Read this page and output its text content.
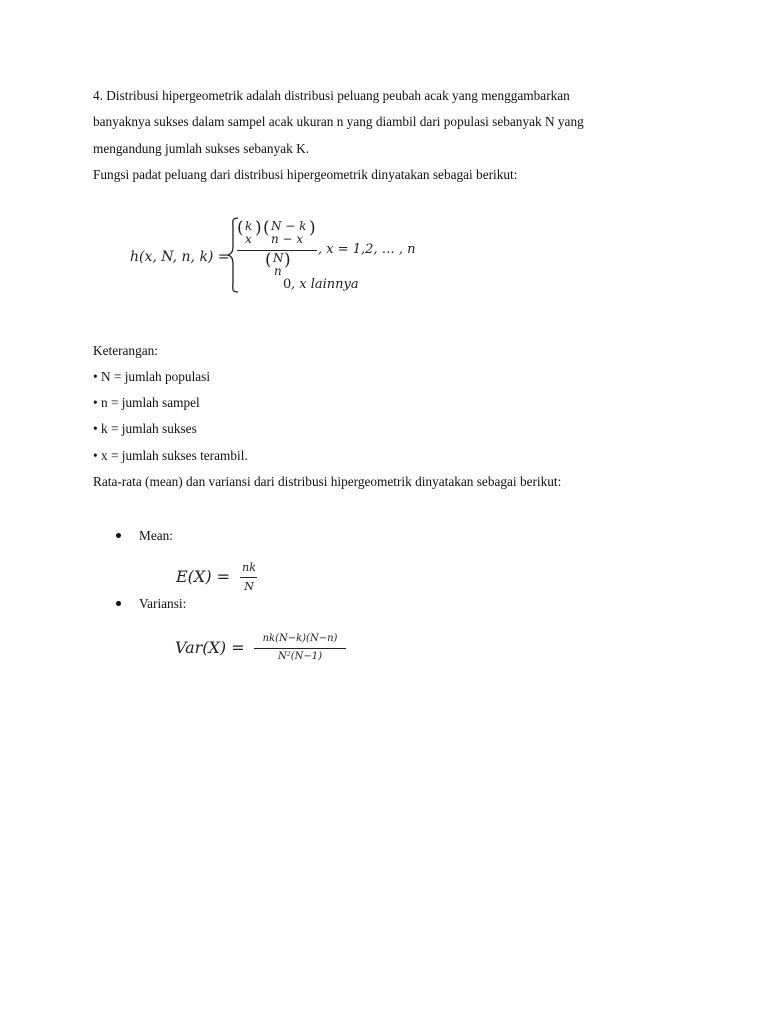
4. Distribusi hipergeometrik adalah distribusi peluang peubah acak yang menggambarkan
banyaknya sukses dalam sampel acak ukuran n yang diambil dari populasi sebanyak N yang
mengandung jumlah sukses sebanyak K.
Fungsi padat peluang dari distribusi hipergeometrik dinyatakan sebagai berikut:
h(x, N, n, k) =
( k
x
) ( N − k
n − x
)
( N
n
)
, x = 1,2, … , n
0 , x lainnya
Keterangan:
• N = jumlah populasi
• n = jumlah sampel
• k = jumlah sukses
• x = jumlah sukses terambil.
Rata-rata (mean) dan variansi dari distribusi hipergeometrik dinyatakan sebagai berikut:
Mean:
E(X) = nk
N
Variansi:
Var(X) =	nk(N−k)(N−n)
N²(N−1)
